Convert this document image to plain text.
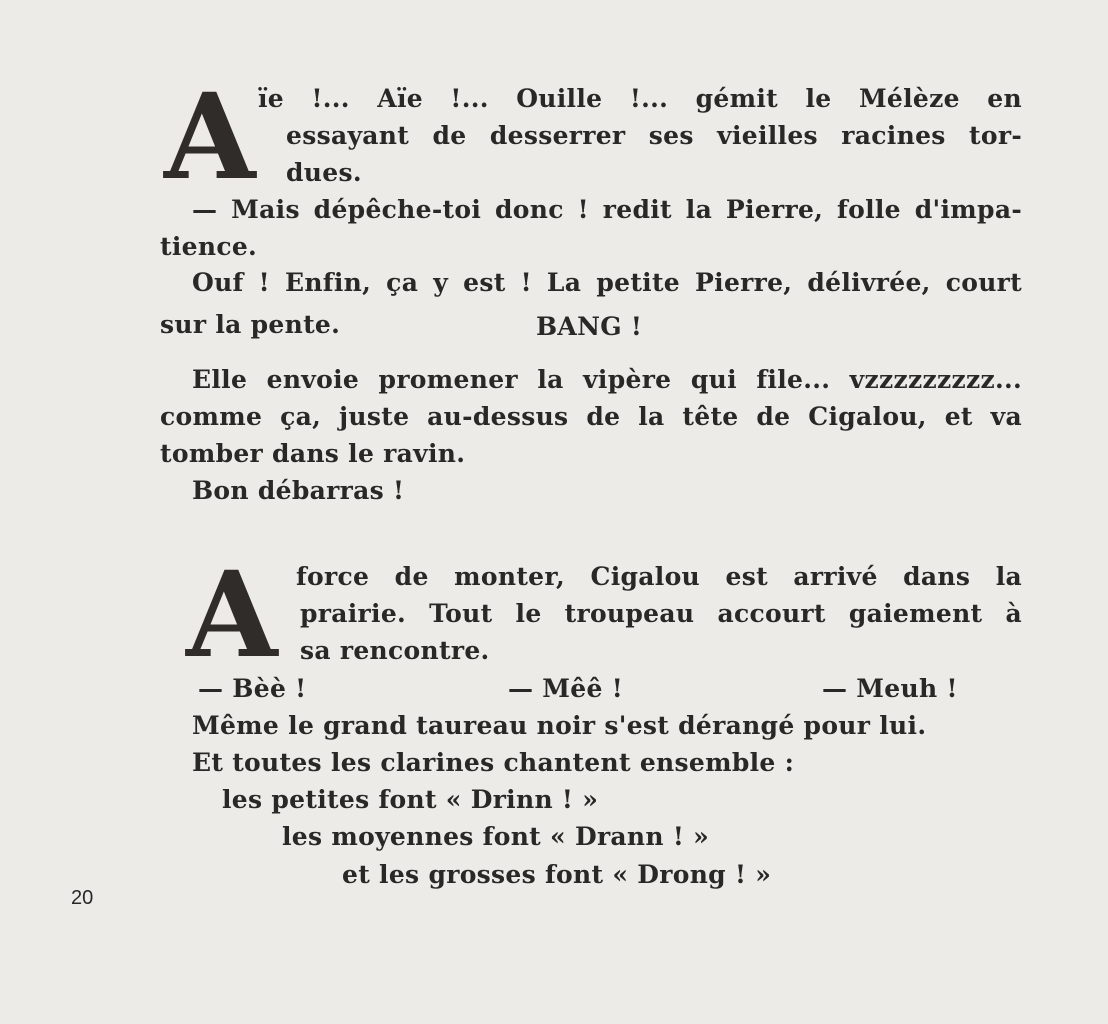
A ïe !... Aïe !... Ouille !... gémit le Mélèze en
essayant de desserrer ses vieilles racines tor-
dues.
— Mais dépêche-toi donc ! redit la Pierre, folle d'impa-
tience.
Ouf ! Enfin, ça y est ! La petite Pierre, délivrée, court
sur la pente.	BANG !
Elle envoie promener la vipère qui file... vzzzzzzzzz...
comme ça, juste au-dessus de la tête de Cigalou, et va
tomber dans le ravin.
Bon débarras !
A force de monter, Cigalou est arrivé dans la
prairie. Tout le troupeau accourt gaiement à
sa rencontre.
— Bèè !	— Mêê !	— Meuh !
Même le grand taureau noir s'est dérangé pour lui.
Et toutes les clarines chantent ensemble :
les petites font « Drinn ! »
les moyennes font « Drann ! »
et les grosses font « Drong ! »
20
